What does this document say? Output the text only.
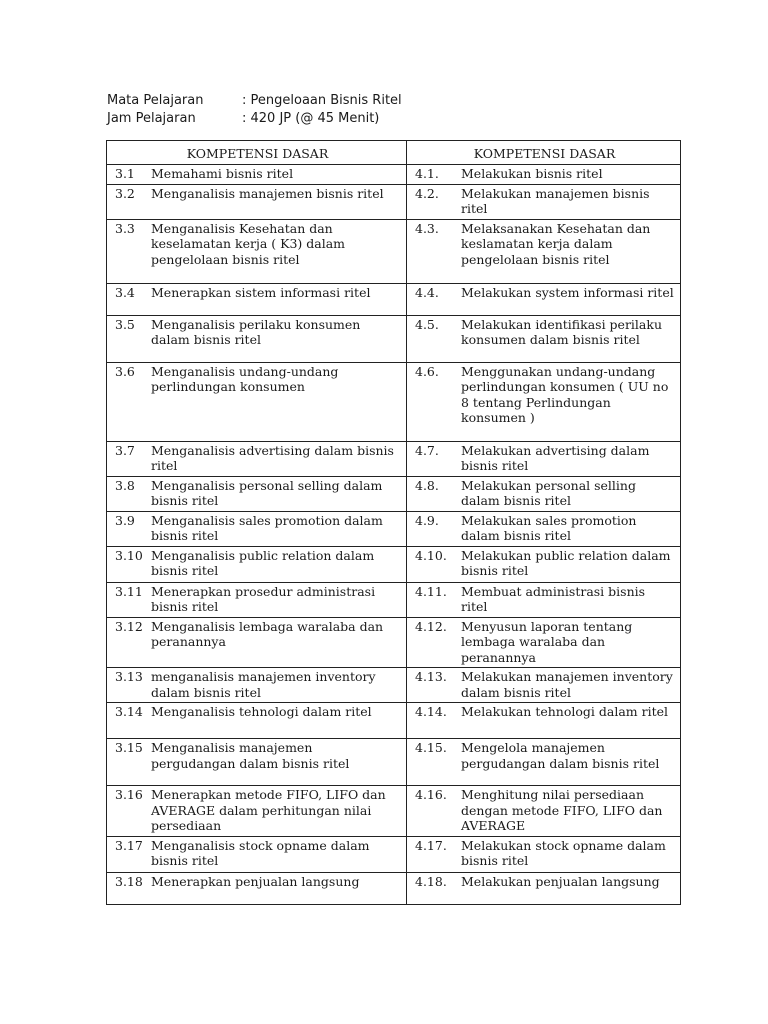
Mata Pelajaran	: Pengeloaan Bisnis Ritel
Jam Pelajaran	: 420 JP (@ 45 Menit)
KOMPETENSI DASAR	KOMPETENSI DASAR

3.1 Memahami bisnis ritel	4.1. Melakukan bisnis ritel

3.2 Menganalisis manajemen bisnis ritel	4.2. Melakukan manajemen bisnis ritel

3.3 Menganalisis Kesehatan dan keselamatan kerja ( K3) dalam pengelolaan bisnis ritel	4.3. Melaksanakan Kesehatan dan keslamatan kerja dalam pengelolaan bisnis ritel

3.4 Menerapkan sistem informasi ritel	4.4. Melakukan system informasi ritel

3.5 Menganalisis perilaku konsumen dalam bisnis ritel	4.5. Melakukan identifikasi perilaku konsumen dalam bisnis ritel

3.6 Menganalisis undang-undang perlindungan konsumen	4.6. Menggunakan undang-undang perlindungan konsumen ( UU no 8 tentang Perlindungan konsumen )

3.7 Menganalisis advertising dalam bisnis ritel	4.7. Melakukan advertising dalam bisnis ritel

3.8 Menganalisis personal selling dalam bisnis ritel	4.8. Melakukan personal selling dalam bisnis ritel

3.9 Menganalisis sales promotion dalam bisnis ritel	4.9. Melakukan sales promotion dalam bisnis ritel

3.10 Menganalisis public relation dalam bisnis ritel	4.10. Melakukan public relation dalam bisnis ritel

3.11 Menerapkan prosedur administrasi bisnis ritel	4.11. Membuat administrasi bisnis ritel

3.12 Menganalisis lembaga waralaba dan peranannya	4.12. Menyusun laporan tentang lembaga waralaba dan peranannya

3.13 menganalisis manajemen inventory dalam bisnis ritel	4.13. Melakukan manajemen inventory dalam bisnis ritel

3.14 Menganalisis tehnologi dalam ritel	4.14. Melakukan tehnologi dalam ritel

3.15 Menganalisis manajemen pergudangan dalam bisnis ritel	4.15. Mengelola manajemen pergudangan dalam bisnis ritel

3.16 Menerapkan metode FIFO, LIFO dan AVERAGE dalam perhitungan nilai persediaan	4.16. Menghitung nilai persediaan dengan metode FIFO, LIFO dan AVERAGE

3.17 Menganalisis stock opname dalam bisnis ritel	4.17. Melakukan stock opname dalam bisnis ritel

3.18 Menerapkan penjualan langsung	4.18. Melakukan penjualan langsung
